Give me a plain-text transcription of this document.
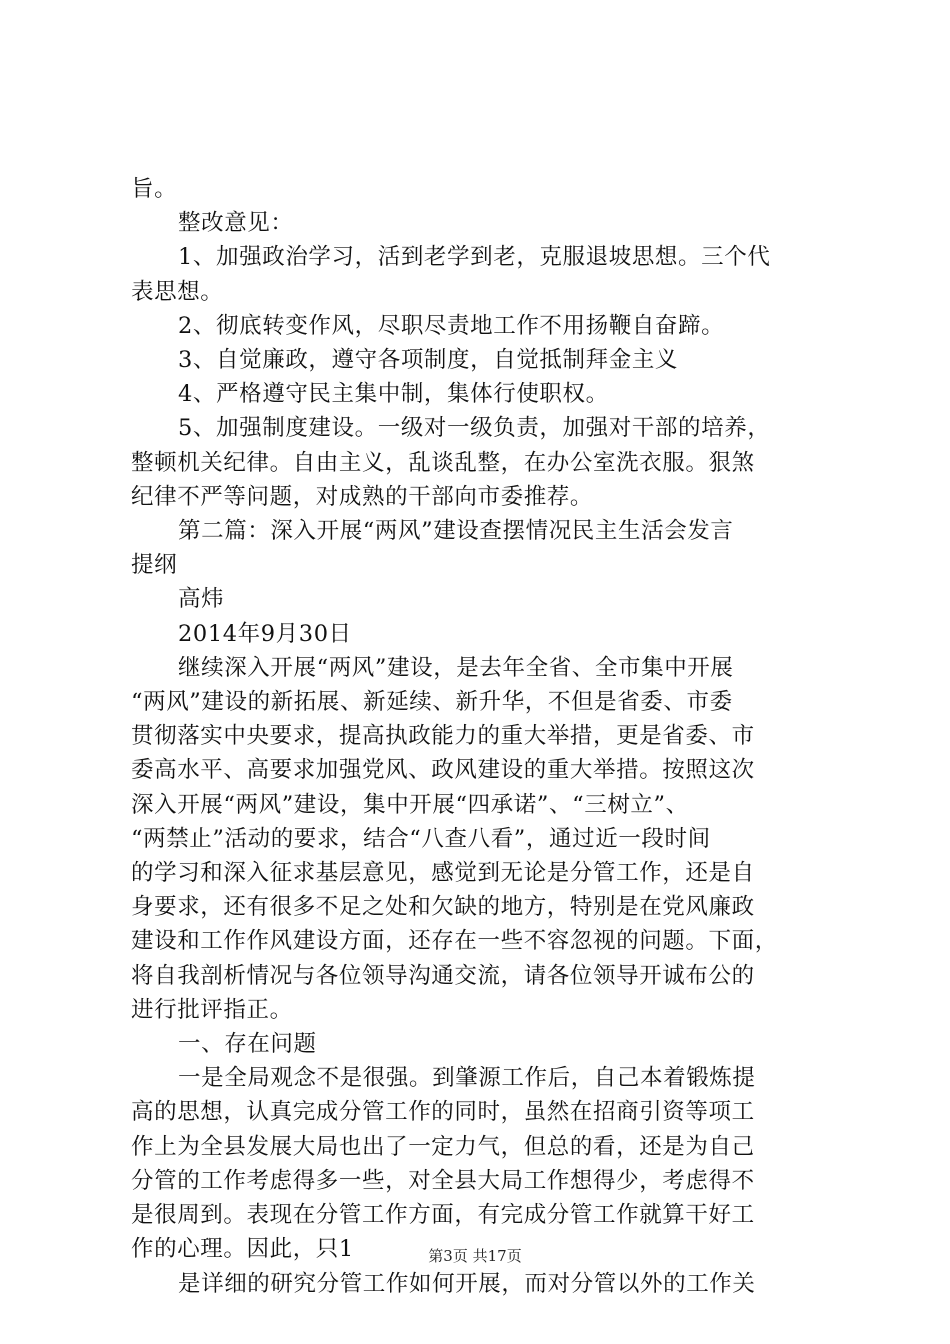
旨。
整改意见：
1、加强政治学习，活到老学到老，克服退坡思想。三个代
表思想。
2、彻底转变作风，尽职尽责地工作不用扬鞭自奋蹄。
3、自觉廉政，遵守各项制度，自觉抵制拜金主义
4、严格遵守民主集中制，集体行使职权。
5、加强制度建设。一级对一级负责，加强对干部的培养，
整顿机关纪律。自由主义，乱谈乱整，在办公室洗衣服。狠煞
纪律不严等问题，对成熟的干部向市委推荐。
第二篇：深入开展“两风”建设查摆情况民主生活会发言
提纲
高炜
2014年9月30日
继续深入开展“两风”建设，是去年全省、全市集中开展
“两风”建设的新拓展、新延续、新升华，不但是省委、市委
贯彻落实中央要求，提高执政能力的重大举措，更是省委、市
委高水平、高要求加强党风、政风建设的重大举措。按照这次
深入开展“两风”建设，集中开展“四承诺”、“三树立”、
“两禁止”活动的要求，结合“八查八看”，通过近一段时间
的学习和深入征求基层意见，感觉到无论是分管工作，还是自
身要求，还有很多不足之处和欠缺的地方，特别是在党风廉政
建设和工作作风建设方面，还存在一些不容忽视的问题。下面，
将自我剖析情况与各位领导沟通交流，请各位领导开诚布公的
进行批评指正。
一、存在问题
一是全局观念不是很强。到肇源工作后，自己本着锻炼提
高的思想，认真完成分管工作的同时，虽然在招商引资等项工
作上为全县发展大局也出了一定力气，但总的看，还是为自己
分管的工作考虑得多一些，对全县大局工作想得少，考虑得不
是很周到。表现在分管工作方面，有完成分管工作就算干好工
作的心理。因此，只1
是详细的研究分管工作如何开展，而对分管以外的工作关
第3页 共17页
